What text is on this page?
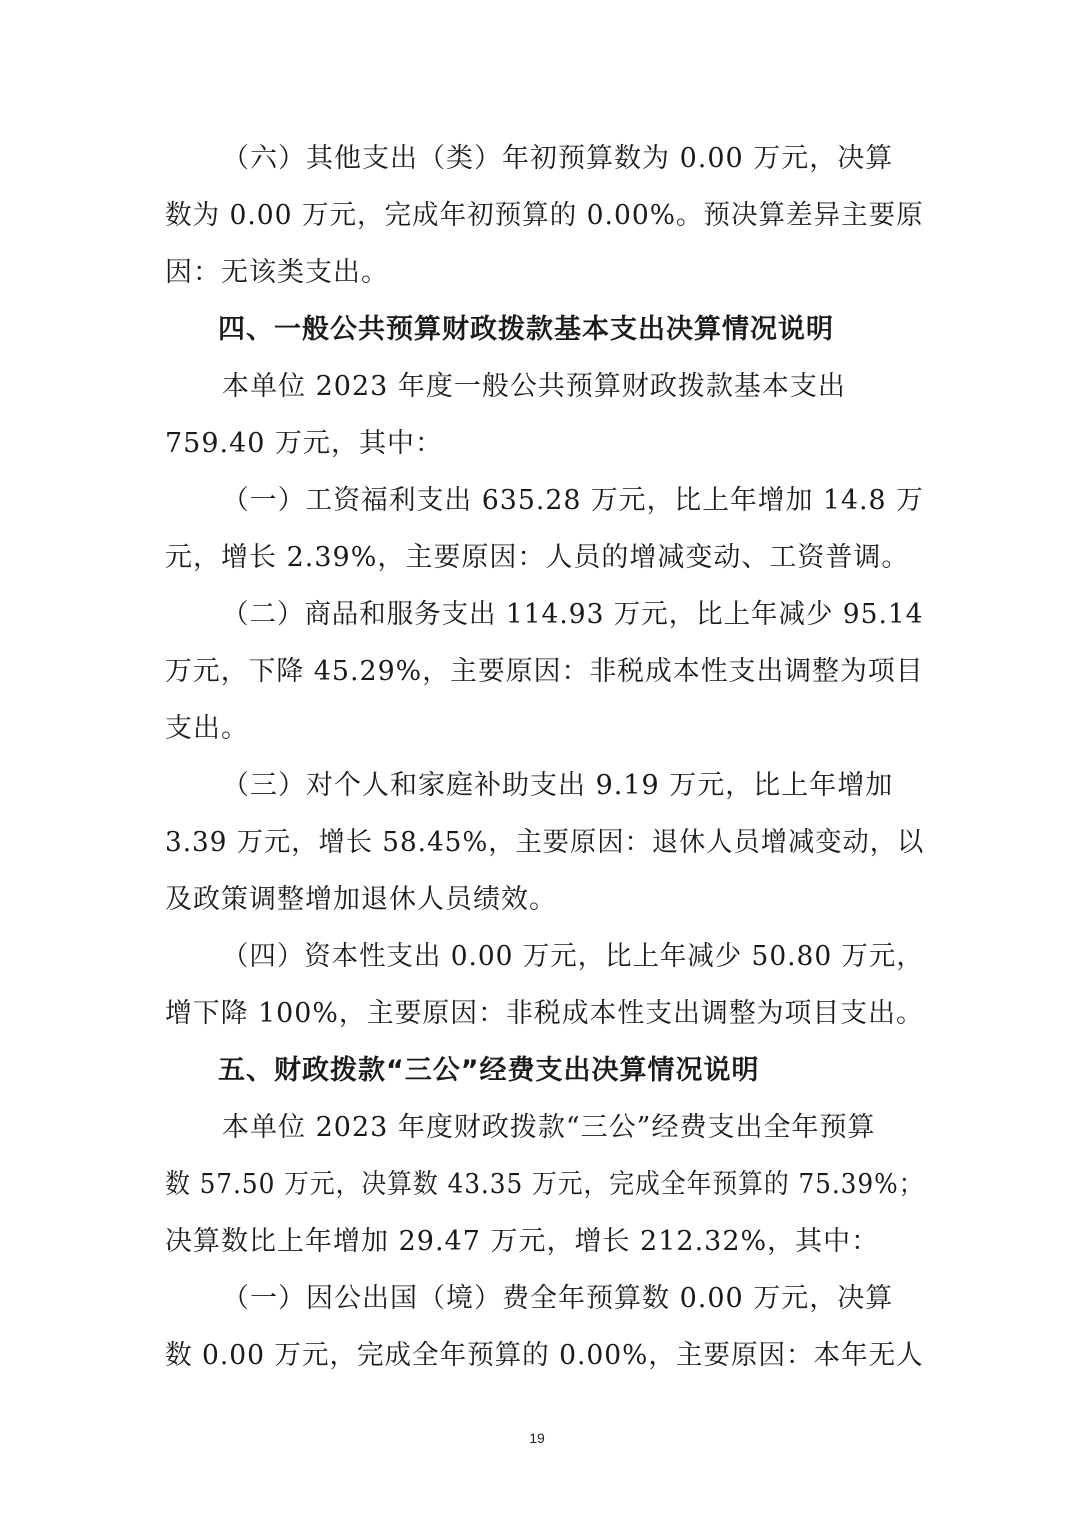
（六）其他支出（类）年初预算数为 0.00 万元，决算
数为 0.00 万元，完成年初预算的 0.00%。预决算差异主要原
因：无该类支出。
四、一般公共预算财政拨款基本支出决算情况说明
本单位 2023 年度一般公共预算财政拨款基本支出
759.40 万元，其中：
（一）工资福利支出 635.28 万元，比上年增加 14.8 万
元，增长 2.39%，主要原因：人员的增减变动、工资普调。
（二）商品和服务支出 114.93 万元，比上年减少 95.14
万元，下降 45.29%，主要原因：非税成本性支出调整为项目
支出。
（三）对个人和家庭补助支出 9.19 万元，比上年增加
3.39 万元，增长 58.45%，主要原因：退休人员增减变动，以
及政策调整增加退休人员绩效。
（四）资本性支出 0.00 万元，比上年减少 50.80 万元，
增下降 100%，主要原因：非税成本性支出调整为项目支出。
五、财政拨款“三公”经费支出决算情况说明
本单位 2023 年度财政拨款“三公”经费支出全年预算
数 57.50 万元，决算数 43.35 万元，完成全年预算的 75.39%；
决算数比上年增加 29.47 万元，增长 212.32%，其中：
（一）因公出国（境）费全年预算数 0.00 万元，决算
数 0.00 万元，完成全年预算的 0.00%，主要原因：本年无人
19
